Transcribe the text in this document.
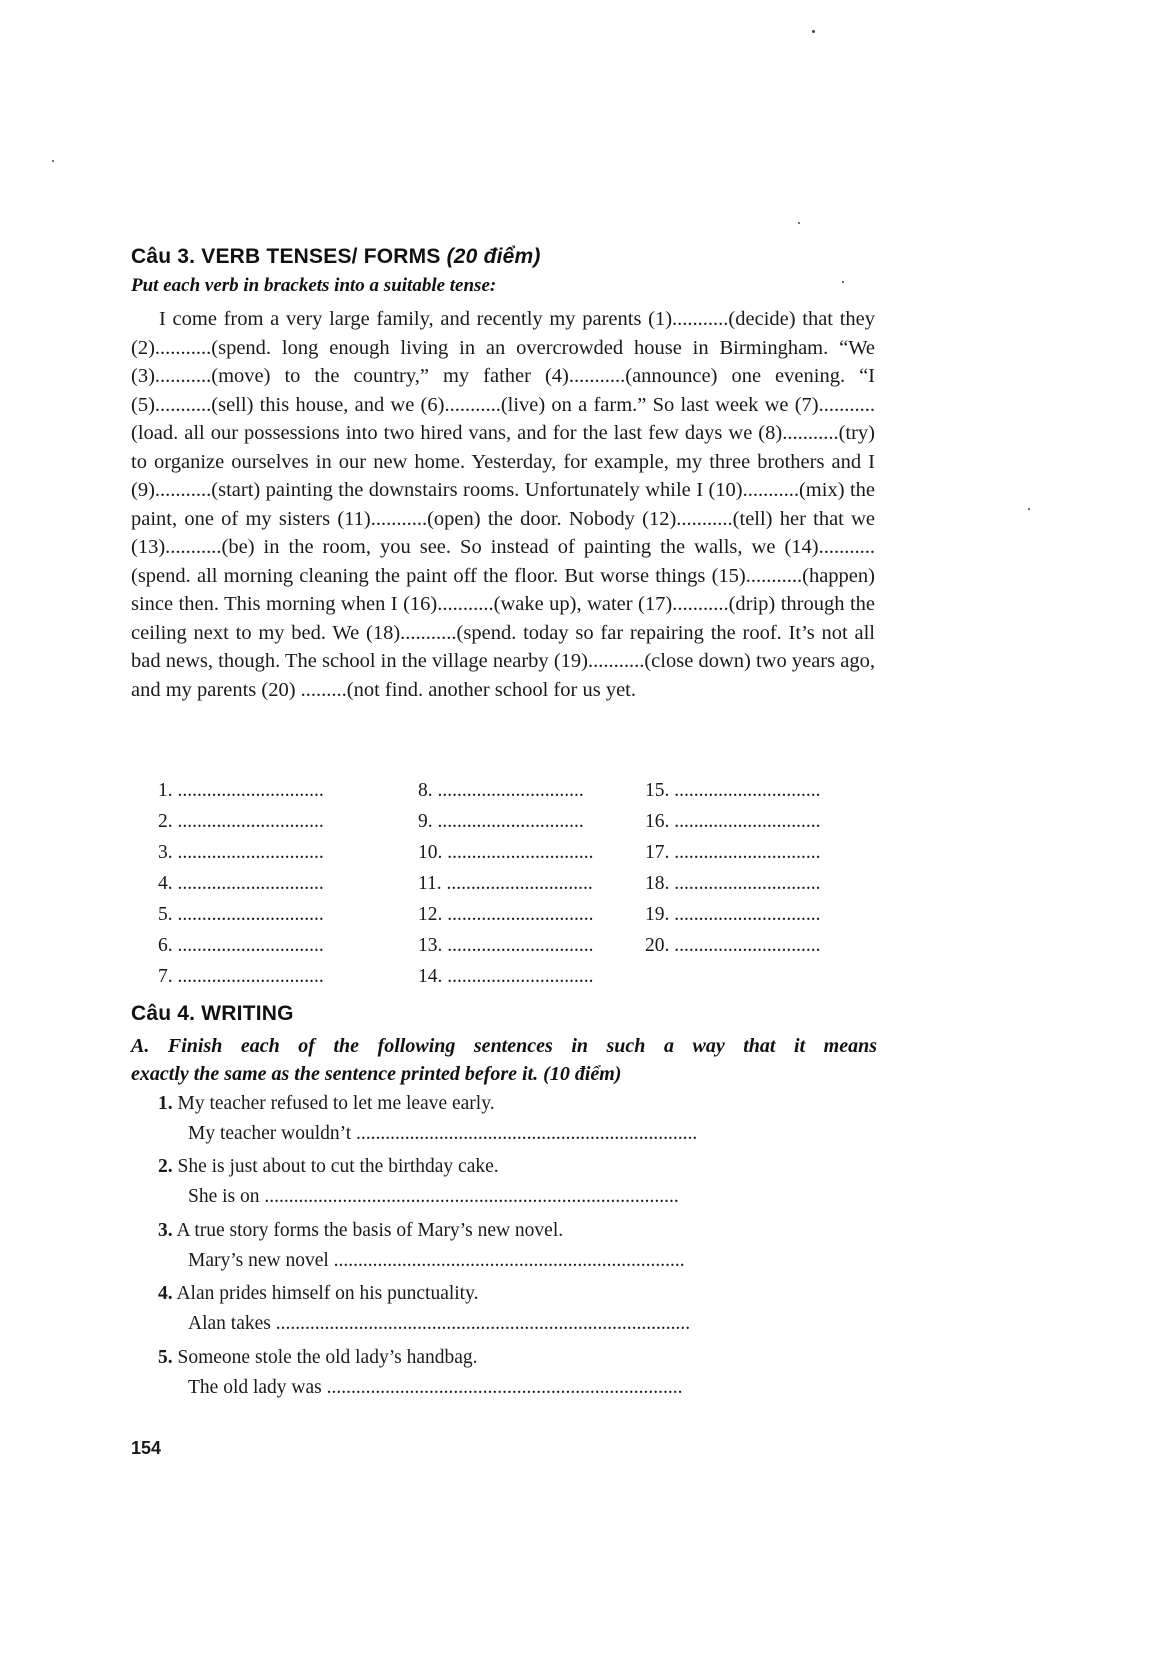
Câu 3. VERB TENSES/ FORMS (20 điểm)
Put each verb in brackets into a suitable tense:

I come from a very large family, and recently my parents (1)...........(decide) that they (2)...........(spend. long enough living in an overcrowded house in Birmingham. “We (3)...........(move) to the country,” my father (4)...........(announce) one evening. “I (5)...........(sell) this house, and we (6)...........(live) on a farm.” So last week we (7)...........(load. all our possessions into two hired vans, and for the last few days we (8)...........(try) to organize ourselves in our new home. Yesterday, for example, my three brothers and I (9)...........(start) painting the downstairs rooms. Unfortunately while I (10)...........(mix) the paint, one of my sisters (11)...........(open) the door. Nobody (12)...........(tell) her that we (13)...........(be) in the room, you see. So instead of painting the walls, we (14)...........(spend. all morning cleaning the paint off the floor. But worse things (15)...........(happen) since then. This morning when I (16)...........(wake up), water (17)...........(drip) through the ceiling next to my bed. We (18)...........(spend. today so far repairing the roof. It’s not all bad news, though. The school in the village nearby (19)...........(close down) two years ago, and my parents (20) .........(not find. another school for us yet.

1. ..............................
2. ..............................
3. ..............................
4. ..............................
5. ..............................
6. ..............................
7. ..............................
8. ..............................
9. ..............................
10. ..............................
11. ..............................
12. ..............................
13. ..............................
14. ..............................
15. ..............................
16. ..............................
17. ..............................
18. ..............................
19. ..............................
20. ..............................
Câu 4. WRITING
A. Finish each of the following sentences in such a way that it means
exactly the same as the sentence printed before it. (10 điểm)
1. My teacher refused to let me leave early.
My teacher wouldn’t ......................................................................
2. She is just about to cut the birthday cake.
She is on .....................................................................................
3. A true story forms the basis of Mary’s new novel.
Mary’s new novel ........................................................................
4. Alan prides himself on his punctuality.
Alan takes .....................................................................................
5. Someone stole the old lady’s handbag.
The old lady was .........................................................................
154
